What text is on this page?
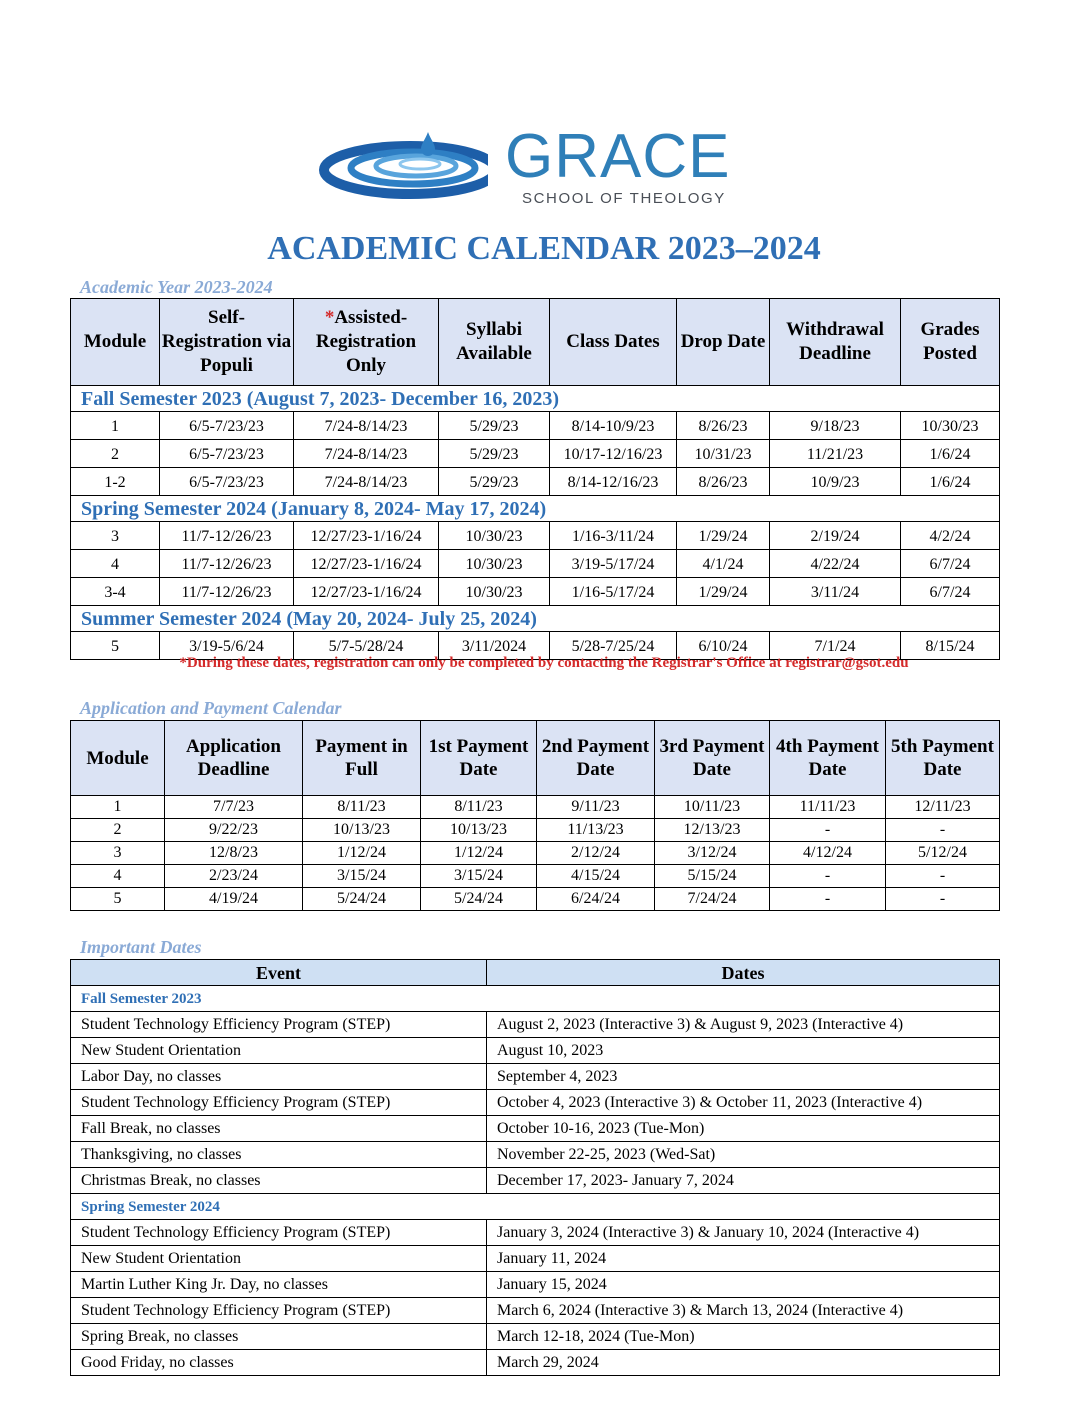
GRACE
SCHOOL OF THEOLOGY
ACADEMIC CALENDAR 2023–2024
Academic Year 2023-2024
Module	Self-Registration via Populi	*Assisted-Registration Only	Syllabi Available	Class Dates	Drop Date	Withdrawal Deadline	Grades Posted
Fall Semester 2023 (August 7, 2023- December 16, 2023)							
1	6/5-7/23/23	7/24-8/14/23	5/29/23	8/14-10/9/23	8/26/23	9/18/23	10/30/23
2	6/5-7/23/23	7/24-8/14/23	5/29/23	10/17-12/16/23	10/31/23	11/21/23	1/6/24
1-2	6/5-7/23/23	7/24-8/14/23	5/29/23	8/14-12/16/23	8/26/23	10/9/23	1/6/24
Spring Semester 2024 (January 8, 2024- May 17, 2024)							
3	11/7-12/26/23	12/27/23-1/16/24	10/30/23	1/16-3/11/24	1/29/24	2/19/24	4/2/24
4	11/7-12/26/23	12/27/23-1/16/24	10/30/23	3/19-5/17/24	4/1/24	4/22/24	6/7/24
3-4	11/7-12/26/23	12/27/23-1/16/24	10/30/23	1/16-5/17/24	1/29/24	3/11/24	6/7/24
Summer Semester 2024 (May 20, 2024- July 25, 2024)							
5	3/19-5/6/24	5/7-5/28/24	3/11/2024	5/28-7/25/24	6/10/24	7/1/24	8/15/24
*During these dates, registration can only be completed by contacting the Registrar's Office at registrar@gsot.edu
Application and Payment Calendar
Module	Application Deadline	Payment in Full	1st Payment Date	2nd Payment Date	3rd Payment Date	4th Payment Date	5th Payment Date
1	7/7/23	8/11/23	8/11/23	9/11/23	10/11/23	11/11/23	12/11/23
2	9/22/23	10/13/23	10/13/23	11/13/23	12/13/23	-	-
3	12/8/23	1/12/24	1/12/24	2/12/24	3/12/24	4/12/24	5/12/24
4	2/23/24	3/15/24	3/15/24	4/15/24	5/15/24	-	-
5	4/19/24	5/24/24	5/24/24	6/24/24	7/24/24	-	-
Important Dates
Event	Dates
Fall Semester 2023	
Student Technology Efficiency Program (STEP)	August 2, 2023 (Interactive 3) & August 9, 2023 (Interactive 4)
New Student Orientation	August 10, 2023
Labor Day, no classes	September 4, 2023
Student Technology Efficiency Program (STEP)	October 4, 2023 (Interactive 3) & October 11, 2023 (Interactive 4)
Fall Break, no classes	October 10-16, 2023 (Tue-Mon)
Thanksgiving, no classes	November 22-25, 2023 (Wed-Sat)
Christmas Break, no classes	December 17, 2023- January 7, 2024
Spring Semester 2024	
Student Technology Efficiency Program (STEP)	January 3, 2024 (Interactive 3) & January 10, 2024 (Interactive 4)
New Student Orientation	January 11, 2024
Martin Luther King Jr. Day, no classes	January 15, 2024
Student Technology Efficiency Program (STEP)	March 6, 2024 (Interactive 3) & March 13, 2024 (Interactive 4)
Spring Break, no classes	March 12-18, 2024 (Tue-Mon)
Good Friday, no classes	March 29, 2024
